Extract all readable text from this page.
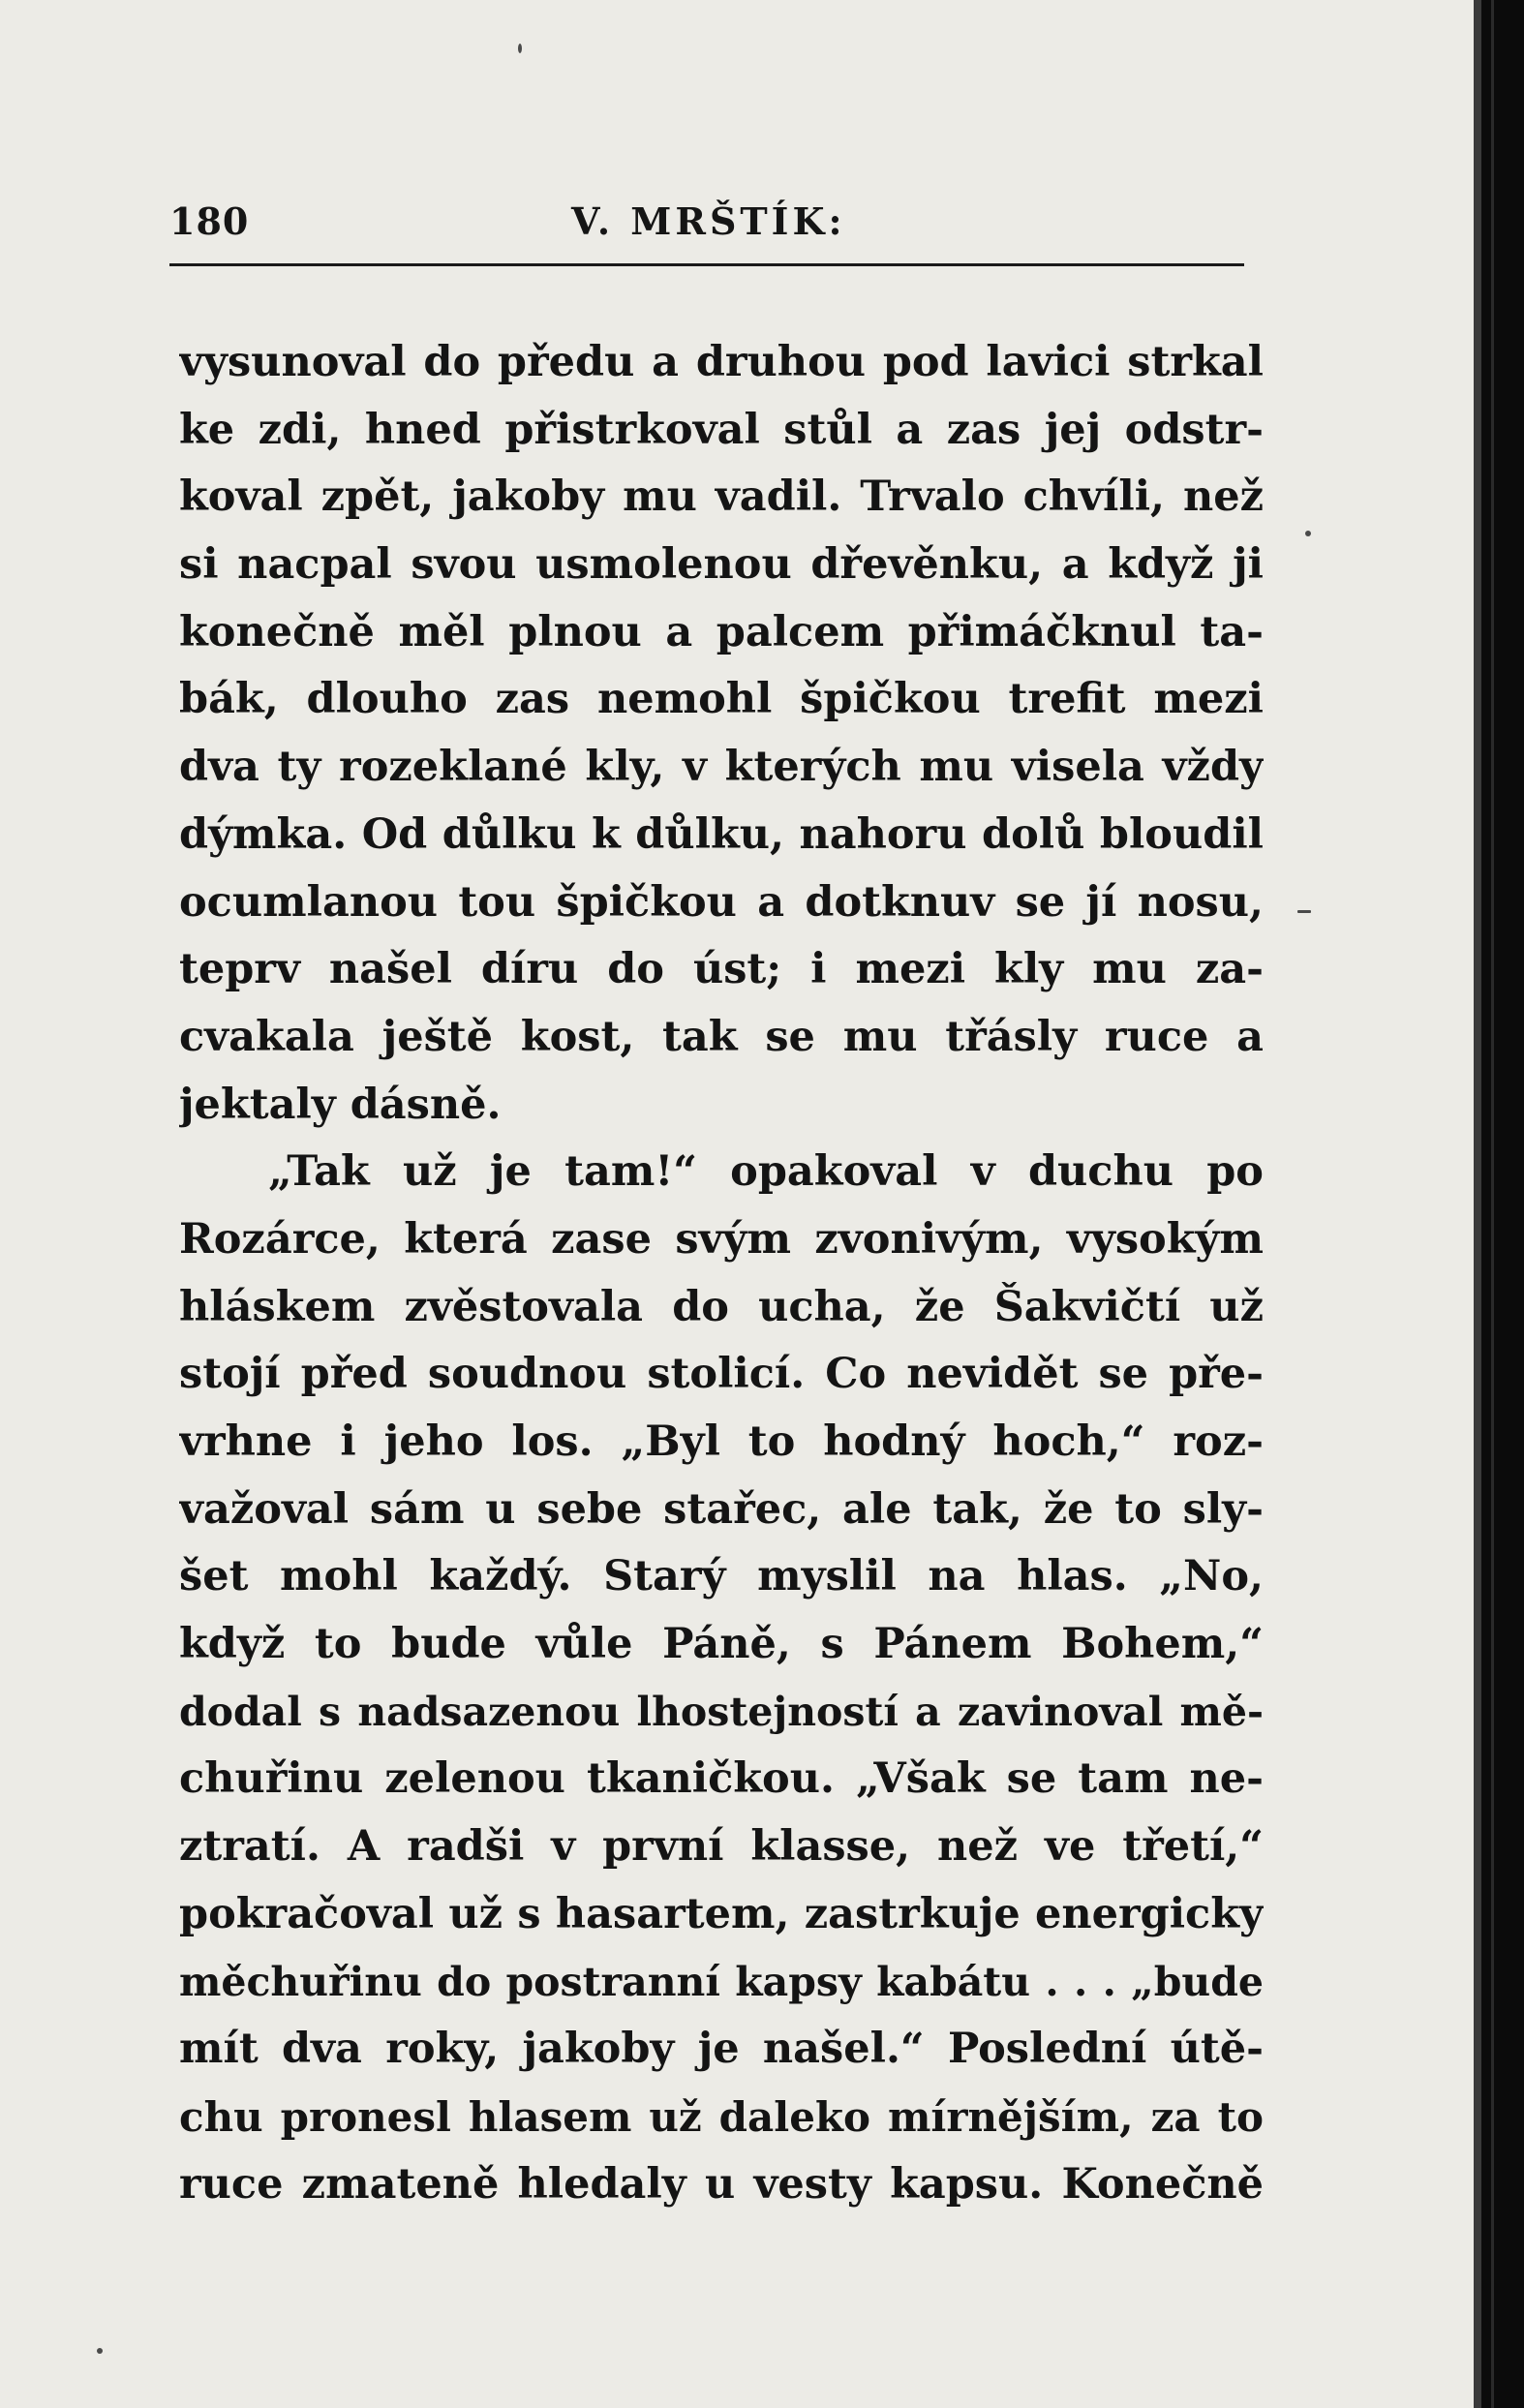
180	V. MRŠTÍK:
vysunoval do předu a druhou pod lavici strkal
ke zdi, hned přistrkoval stůl a zas jej odstr-
koval zpět, jakoby mu vadil. Trvalo chvíli, než
si nacpal svou usmolenou dřevěnku, a když ji
konečně měl plnou a palcem přimáčknul ta-
bák, dlouho zas nemohl špičkou trefit mezi
dva ty rozeklané kly, v kterých mu visela vždy
dýmka. Od důlku k důlku, nahoru dolů bloudil
ocumlanou tou špičkou a dotknuv se jí nosu,
teprv našel díru do úst; i mezi kly mu za-
cvakala ještě kost, tak se mu třásly ruce a
jektaly dásně.
„Tak už je tam!“ opakoval v duchu po
Rozárce, která zase svým zvonivým, vysokým
hláskem zvěstovala do ucha, že Šakvičtí už
stojí před soudnou stolicí. Co nevidět se pře-
vrhne i jeho los. „Byl to hodný hoch,“ roz-
važoval sám u sebe stařec, ale tak, že to sly-
šet mohl každý. Starý myslil na hlas. „No,
když to bude vůle Páně, s Pánem Bohem,“
dodal s nadsazenou lhostejností a zavinoval mě-
chuřinu zelenou tkaničkou. „Však se tam ne-
ztratí. A radši v první klasse, než ve třetí,“
pokračoval už s hasartem, zastrkuje energicky
měchuřinu do postranní kapsy kabátu . . . „bude
mít dva roky, jakoby je našel.“ Poslední útě-
chu pronesl hlasem už daleko mírnějším, za to
ruce zmateně hledaly u vesty kapsu. Konečně
